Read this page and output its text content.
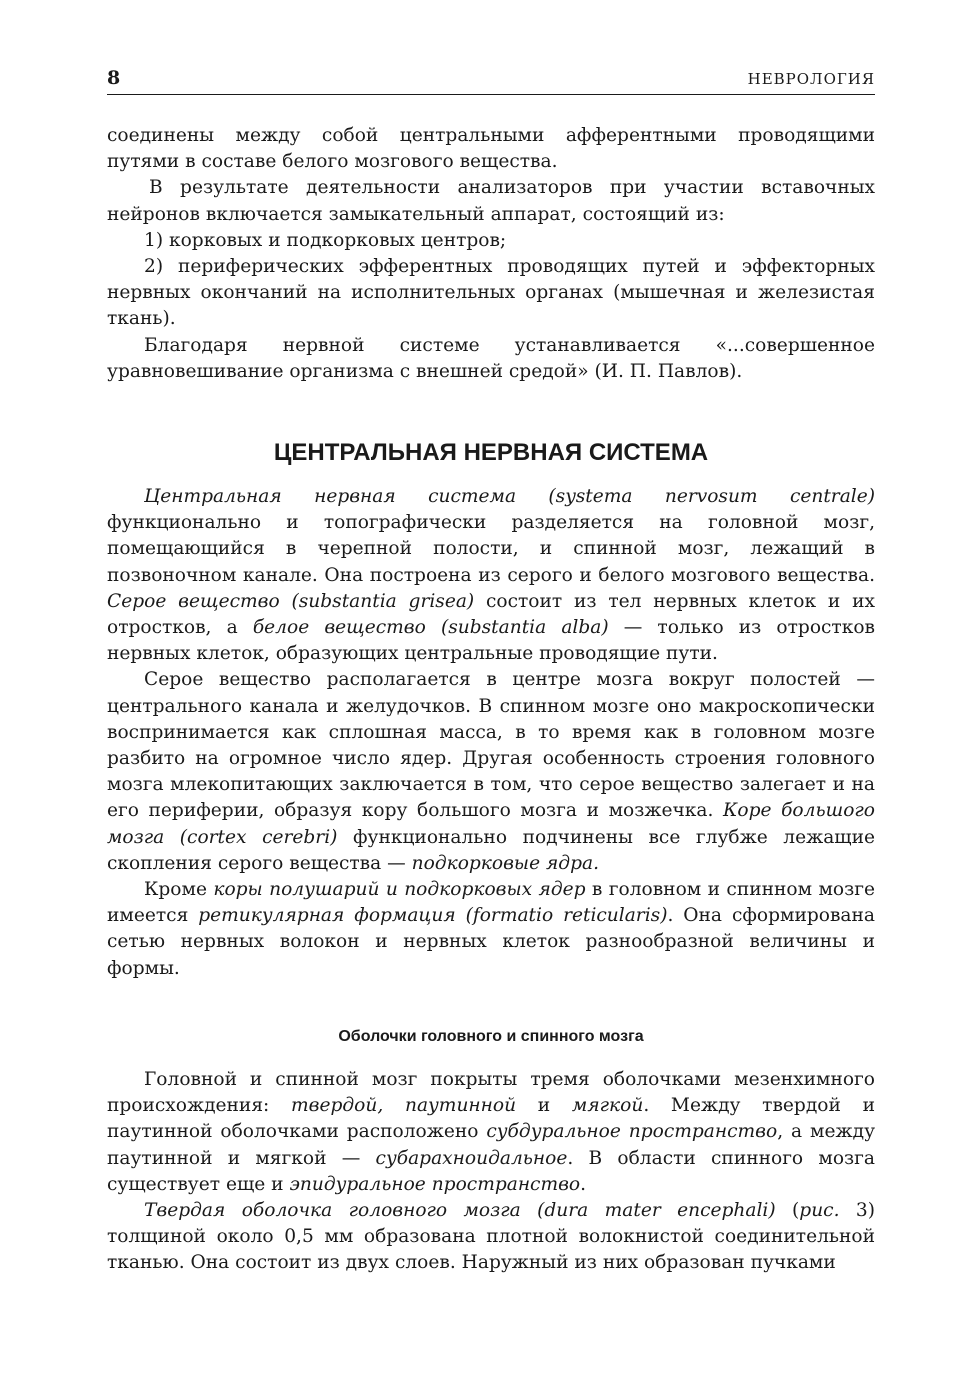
8	НЕВРОЛОГИЯ

соединены между собой центральными афферентными проводящими путями в составе белого мозгового вещества.

В результате деятельности анализаторов при участии вставочных нейронов включается замыкательный аппарат, состоящий из:

1) корковых и подкорковых центров;

2) периферических эфферентных проводящих путей и эффекторных нервных окончаний на исполнительных органах (мышечная и железистая ткань).

Благодаря нервной системе устанавливается «...совершенное уравновешивание организма с внешней средой» (И. П. Павлов).

ЦЕНТРАЛЬНАЯ НЕРВНАЯ СИСТЕМА

Центральная нервная система (systema nervosum centrale) функционально и топографически разделяется на головной мозг, помещающийся в черепной полости, и спинной мозг, лежащий в позвоночном канале. Она построена из серого и белого мозгового вещества. Серое вещество (substantia grisea) состоит из тел нервных клеток и их отростков, а белое вещество (substantia alba) — только из отростков нервных клеток, образующих центральные проводящие пути.

Серое вещество располагается в центре мозга вокруг полостей — центрального канала и желудочков. В спинном мозге оно макроскопически воспринимается как сплошная масса, в то время как в головном мозге разбито на огромное число ядер. Другая особенность строения головного мозга млекопитающих заключается в том, что серое вещество залегает и на его периферии, образуя кору большого мозга и мозжечка. Коре большого мозга (cortex cerebri) функционально подчинены все глубже лежащие скопления серого вещества — подкорковые ядра.

Кроме коры полушарий и подкорковых ядер в головном и спинном мозге имеется ретикулярная формация (formatio reticularis). Она сформирована сетью нервных волокон и нервных клеток разнообразной величины и формы.

Оболочки головного и спинного мозга

Головной и спинной мозг покрыты тремя оболочками мезенхимного происхождения: твердой, паутинной и мягкой. Между твердой и паутинной оболочками расположено субдуральное пространство, а между паутинной и мягкой — субарахноидальное. В области спинного мозга существует еще и эпидуральное пространство.

Твердая оболочка головного мозга (dura mater encephali) (рис. 3) толщиной около 0,5 мм образована плотной волокнистой соединительной тканью. Она состоит из двух слоев. Наружный из них образован пучками
